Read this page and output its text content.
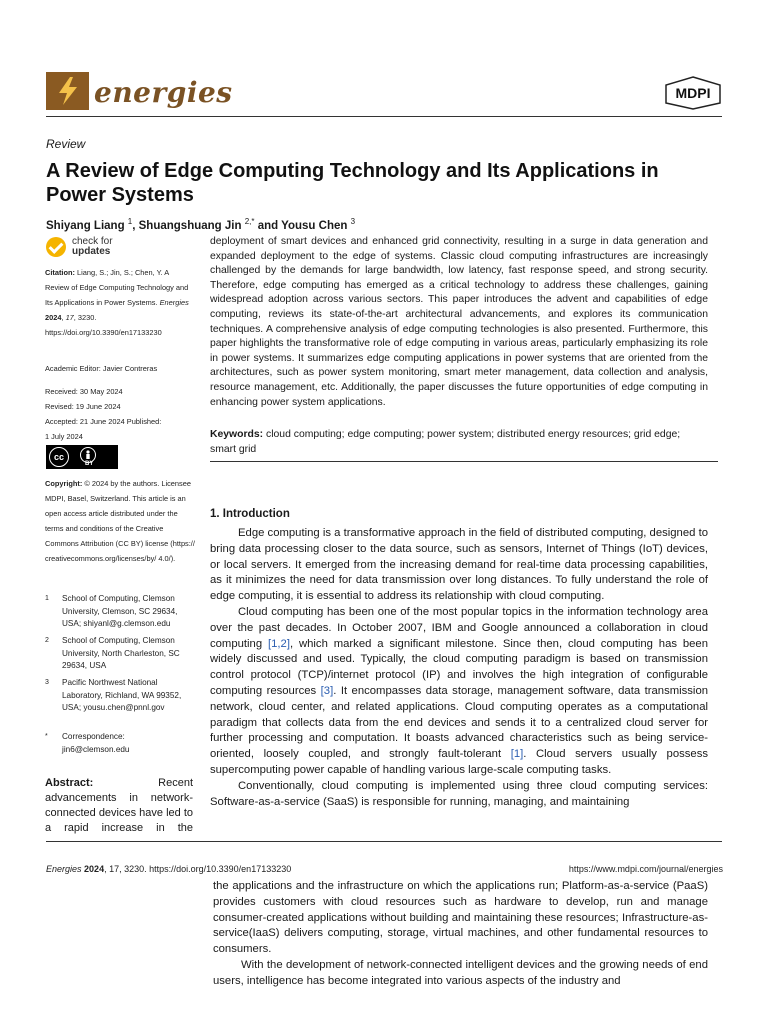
energies	MDPI
Review
A Review of Edge Computing Technology and Its Applications in Power Systems
Shiyang Liang $^1$, Shuangshuang Jin $^{2,*}$ and Yousu Chen $^3$
check for
updates
Citation: Liang, S.; Jin, S.; Chen, Y. A Review of Edge Computing Technology and Its Applications in Power Systems. Energies 2024, 17, 3230. https://doi.org/10.3390/en17133230
Academic Editor: Javier Contreras
Received: 30 May 2024
Revised: 19 June 2024
Accepted: 21 June 2024 Published:
1 July 2024
cc
BY
Copyright: © 2024 by the authors. Licensee MDPI, Basel, Switzerland. This article is an open access article distributed under the terms and conditions of the Creative Commons Attribution (CC BY) license (https:// creativecommons.org/licenses/by/ 4.0/).
1 School of Computing, Clemson University, Clemson, SC 29634, USA; shiyanl@g.clemson.edu
2 School of Computing, Clemson University, North Charleston, SC 29634, USA
3 Pacific Northwest National Laboratory, Richland, WA 99352, USA; yousu.chen@pnnl.gov
* Correspondence: jin6@clemson.edu
Abstract:	Recent advancements in network-connected devices have led to a rapid increase in the
deployment of smart devices and enhanced grid connectivity, resulting in a surge in data generation and expanded deployment to the edge of systems. Classic cloud computing infrastructures are increasingly challenged by the demands for large bandwidth, low latency, fast response speed, and strong security. Therefore, edge computing has emerged as a critical technology to address these challenges, gaining widespread adoption across various sectors. This paper introduces the advent and capabilities of edge computing, reviews its state-of-the-art architectural advancements, and explores its communication techniques. A comprehensive analysis of edge computing technologies is also presented. Furthermore, this paper highlights the transformative role of edge computing in various areas, particularly emphasizing its role in power systems. It summarizes edge computing applications in power systems that are oriented from the architectures, such as power system monitoring, smart meter management, data collection and analysis, resource management, etc. Additionally, the paper discusses the future opportunities of edge computing in enhancing power system applications.
Keywords: cloud computing; edge computing; power system; distributed energy resources; grid edge; smart grid
1. Introduction

Edge computing is a transformative approach in the field of distributed computing, designed to bring data processing closer to the data source, such as sensors, Internet of Things (IoT) devices, or local servers. It emerged from the increasing demand for real-time data processing capabilities, as it minimizes the need for data transmission over long distances. To fully understand the role of edge computing, it is essential to address its relationship with cloud computing.

Cloud computing has been one of the most popular topics in the information technology area over the past decades. In October 2007, IBM and Google announced a collaboration in cloud computing [1,2], which marked a significant milestone. Since then, cloud computing has been widely discussed and used. Typically, the cloud computing paradigm is based on transmission control protocol (TCP)/internet protocol (IP) and involves the high integration of configurable computing resources [3]. It encompasses data storage, management software, data transmission network, cloud center, and related applications. Cloud computing operates as a computational paradigm that collects data from the end devices and sends it to a centralized cloud server for further processing and computation. It boasts advanced characteristics such as being service-oriented, loosely coupled, and strongly fault-tolerant [1]. Cloud servers usually possess supercomputing power capable of handling various large-scale computing tasks.

Conventionally, cloud computing is implemented using three cloud computing services: Software-as-a-service (SaaS) is responsible for running, managing, and maintaining

Energies 2024, 17, 3230. https://doi.org/10.3390/en17133230	https://www.mdpi.com/journal/energies

the applications and the infrastructure on which the applications run; Platform-as-a-service (PaaS) provides customers with cloud resources such as hardware to develop, run and manage consumer-created applications without building and maintaining these resources; Infrastructure-as-service(IaaS) delivers computing, storage, virtual machines, and other fundamental resources to consumers.

With the development of network-connected intelligent devices and the growing needs of end users, intelligence has become integrated into various aspects of the industry and
